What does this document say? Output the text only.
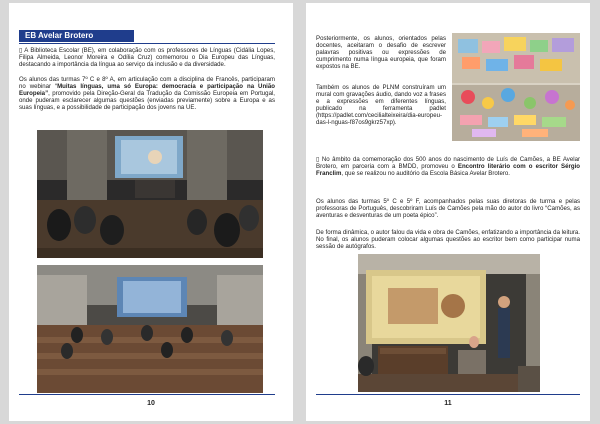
EB Avelar Brotero

▯ A Biblioteca Escolar (BE), em colaboração com os professores de Línguas (Cidália Lopes, Filipa Almeida, Leonor Moreira e Odília Cruz) comemorou o Dia Europeu das Línguas, destacando a importância da língua ao serviço da inclusão e da diversidade.

Os alunos das turmas 7º C e 8º A, em articulação com a disciplina de Francês, participaram no webinar “Muitas línguas, uma só Europa: democracia e participação na União Europeia”, promovido pela Direção-Geral da Tradução da Comissão Europeia em Portugal, onde puderam esclarecer algumas questões (enviadas previamente) sobre a Europa e as suas línguas, e a possibilidade de participação dos jovens na UE.

10

Posteriormente, os alunos, orientados pelas docentes, aceitaram o desafio de escrever palavras positivas ou expressões de cumprimento numa língua europeia, que foram expostos na BE.

Também os alunos de PLNM construíram um mural com gravações áudio, dando voz a frases e a expressões em diferentes línguas, publicado na ferramenta padlet (https://padlet.com/cecilialteixeira/dia-europeu-das-l-nguas-f87os9gkrz57xp).

▯ No âmbito da comemoração dos 500 anos do nascimento de Luís de Camões, a BE Avelar Brotero, em parceria com a BMDD, promoveu o Encontro literário com o escritor Sérgio Franclim, que se realizou no auditório da Escola Básica Avelar Brotero.

Os alunos das turmas 5º C e 5º F, acompanhados pelas suas diretoras de turma e pelas professoras de Português, descobriram Luís de Camões pela mão do autor do livro “Camões, as aventuras e desventuras de um poeta épico”.

De forma dinâmica, o autor falou da vida e obra de Camões, enfatizando a importância da leitura. No final, os alunos puderam colocar algumas questões ao escritor bem como participar numa sessão de autógrafos.

11
